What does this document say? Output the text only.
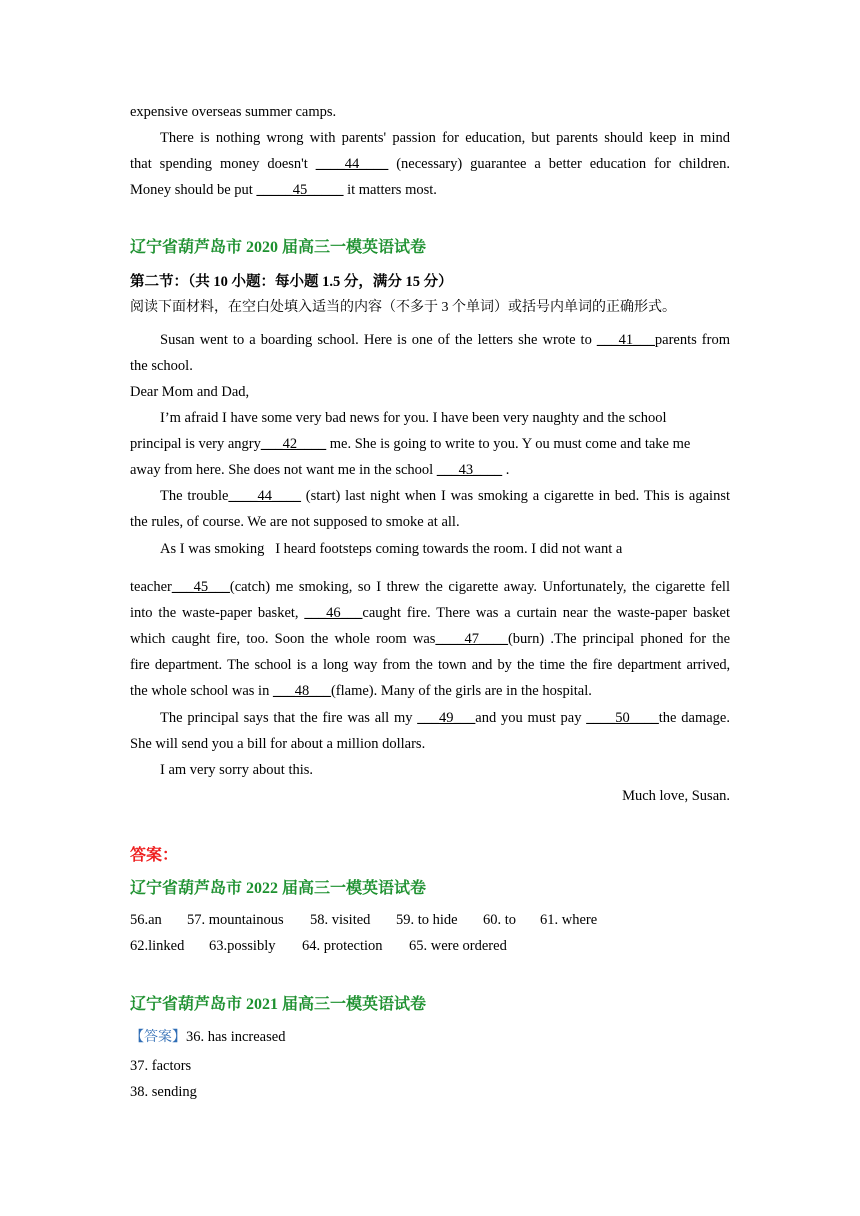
expensive overseas summer camps.
There is nothing wrong with parents' passion for education, but parents should keep in mind
that spending money doesn't ____44____ (necessary) guarantee a better education for children.
Money should be put _____45_____ it matters most.
辽宁省葫芦岛市 2020 届高三一模英语试卷
第二节：（共 10 小题：每小题 1.5 分，满分 15 分）
阅读下面材料，在空白处填入适当的内容（不多于 3 个单词）或括号内单词的正确形式。
Susan went to a boarding school. Here is one of the letters she wrote to ___41___parents from
the school.
Dear Mom and Dad,
I’m afraid I have some very bad news for you. I have been very naughty and the school
principal is very angry___42____ me. She is going to write to you. Y ou must come and take me
away from here. She does not want me in the school ___43____ .
The trouble____44____ (start) last night when I was smoking a cigarette in bed. This is against
the rules, of course. We are not supposed to smoke at all.
As I was smoking   I heard footsteps coming towards the room. I did not want a
teacher___45___(catch) me smoking, so I threw the cigarette away. Unfortunately, the cigarette fell
into the waste-paper basket, ___46___caught fire. There was a curtain near the waste-paper basket
which caught fire, too. Soon the whole room was____47____(burn) .The principal phoned for the
fire department. The school is a long way from the town and by the time the fire department arrived,
the whole school was in ___48___(flame). Many of the girls are in the hospital.
The principal says that the fire was all my ___49___and you must pay ____50____the damage.
She will send you a bill for about a million dollars.
I am very sorry about this.
Much love, Susan.
答案：
辽宁省葫芦岛市 2022 届高三一模英语试卷
56.an 57. mountainous 58. visited 59. to hide 60. to 61. where
62.linked 63.possibly 64. protection 65. were ordered
辽宁省葫芦岛市 2021 届高三一模英语试卷
【答案】36. has increased
37. factors
38. sending
